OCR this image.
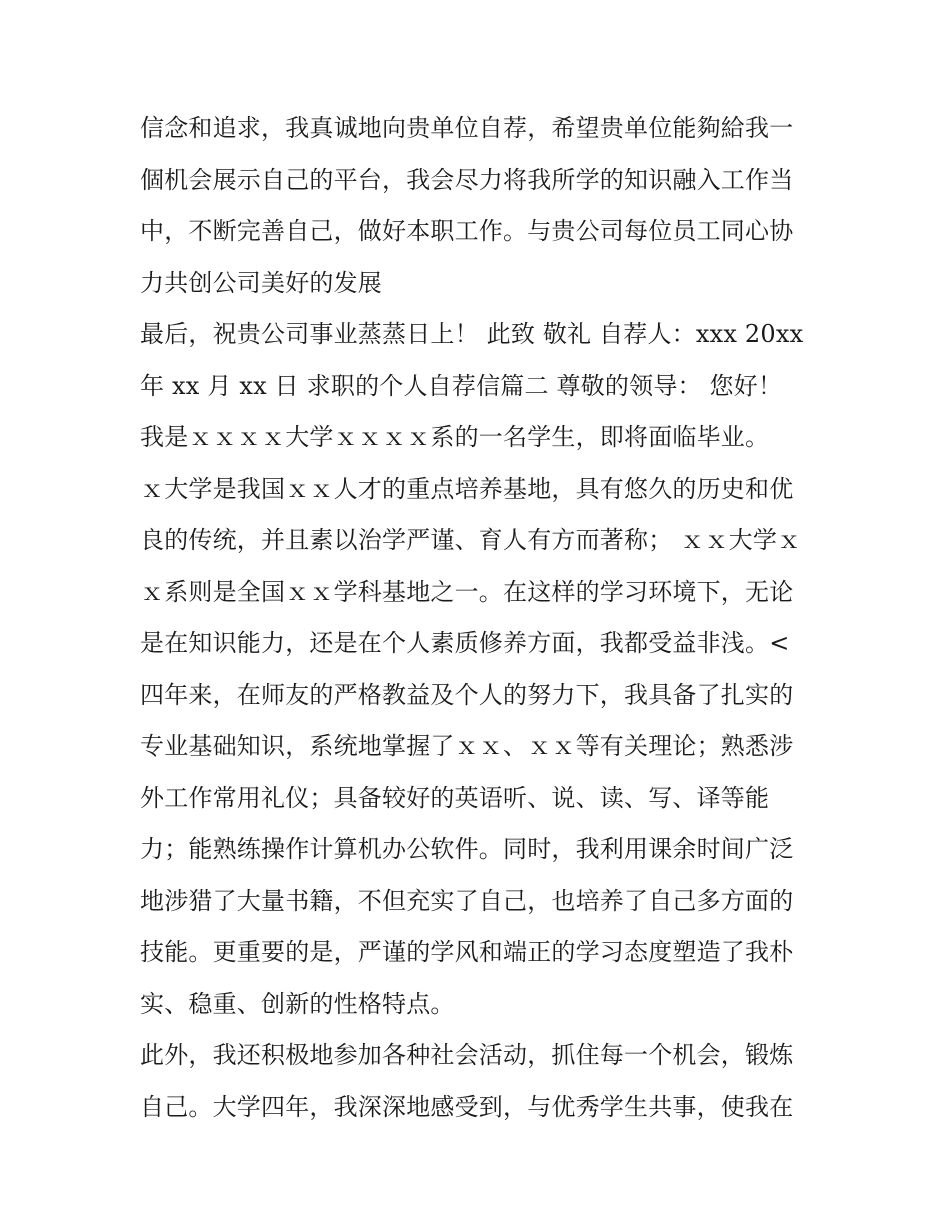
信念和追求，我真诚地向贵单位自荐，希望贵单位能夠給我一
個机会展示自己的平台，我会尽力将我所学的知识融入工作当
中，不断完善自己，做好本职工作。与贵公司每位员工同心协
力共创公司美好的发展
最后，祝贵公司事业蒸蒸日上！ 此致 敬礼 自荐人：xxx 20xx
年 xx 月 xx 日 求职的个人自荐信篇二 尊敬的领导： 您好！
我是ｘｘｘｘ大学ｘｘｘｘ系的一名学生，即将面临毕业。
ｘ大学是我国ｘｘ人才的重点培养基地，具有悠久的历史和优
良的传统，并且素以治学严谨、育人有方而著称； ｘｘ大学ｘ
ｘ系则是全国ｘｘ学科基地之一。在这样的学习环境下，无论
是在知识能力，还是在个人素质修养方面，我都受益非浅。<
四年来，在师友的严格教益及个人的努力下，我具备了扎实的
专业基础知识，系统地掌握了ｘｘ、ｘｘ等有关理论；熟悉涉
外工作常用礼仪；具备较好的英语听、说、读、写、译等能
力；能熟练操作计算机办公软件。同时，我利用课余时间广泛
地涉猎了大量书籍，不但充实了自己，也培养了自己多方面的
技能。更重要的是，严谨的学风和端正的学习态度塑造了我朴
实、稳重、创新的性格特点。
此外，我还积极地参加各种社会活动，抓住每一个机会，锻炼
自己。大学四年，我深深地感受到，与优秀学生共事，使我在
